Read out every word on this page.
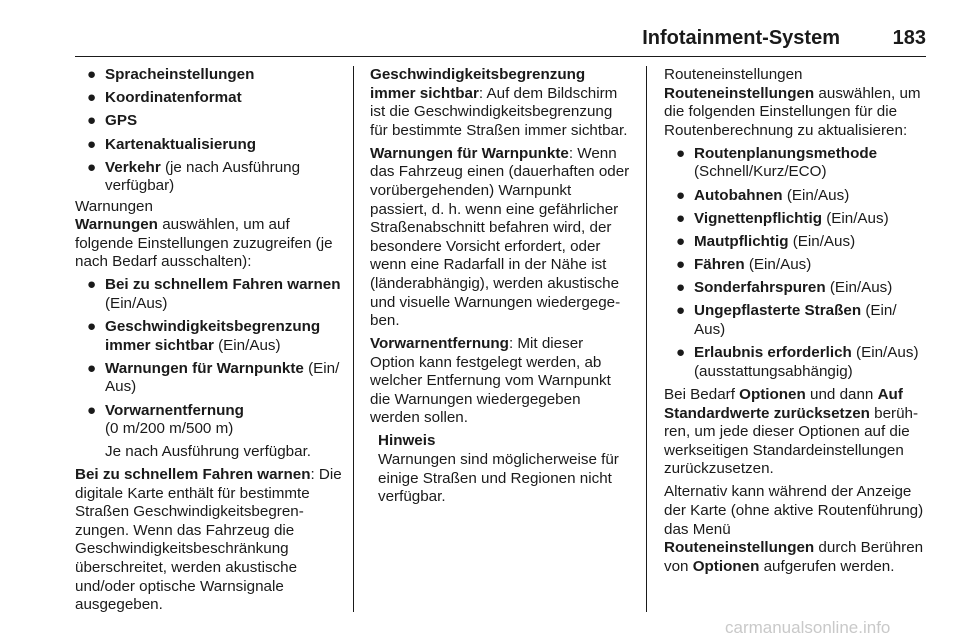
Infotainment-System	183
● Spracheinstellungen
● Koordinatenformat
● GPS
● Kartenaktualisierung
● Verkehr (je nach Ausführung verfügbar)
Warnungen

Warnungen auswählen, um auf folgende Einstellungen zuzugreifen (je nach Bedarf ausschalten):

● Bei zu schnellem Fahren warnen (Ein/Aus)
● Geschwindigkeitsbegrenzung immer sichtbar (Ein/Aus)
● Warnungen für Warnpunkte (Ein/ Aus)
● Vorwarnentfernung
(0 m/200 m/500 m)
Je nach Ausführung verfügbar.

Bei zu schnellem Fahren warnen: Die digitale Karte enthält für bestimmte Straßen Geschwindigkeitsbegrenzungen. Wenn das Fahrzeug die Geschwindigkeitsbeschränkung überschreitet, werden akustische und/oder optische Warnsignale ausgegeben.

Geschwindigkeitsbegrenzung immer sichtbar: Auf dem Bildschirm ist die Geschwindigkeitsbegrenzung für bestimmte Straßen immer sichtbar.

Warnungen für Warnpunkte: Wenn das Fahrzeug einen (dauerhaften oder vorübergehenden) Warnpunkt passiert, d. h. wenn eine gefährlicher Straßenabschnitt befahren wird, der besondere Vorsicht erfordert, oder wenn eine Radarfall in der Nähe ist (länderabhängig), werden akustische und visuelle Warnungen wiedergegeben.

Vorwarnentfernung: Mit dieser Option kann festgelegt werden, ab welcher Entfernung vom Warnpunkt die Warnungen wiedergegeben werden sollen.

Hinweis
Warnungen sind möglicherweise für einige Straßen und Regionen nicht verfügbar.
Routeneinstellungen

Routeneinstellungen auswählen, um die folgenden Einstellungen für die Routenberechnung zu aktualisieren:

● Routenplanungsmethode
(Schnell/Kurz/ECO)
● Autobahnen (Ein/Aus)
● Vignettenpflichtig (Ein/Aus)
● Mautpflichtig (Ein/Aus)
● Fähren (Ein/Aus)
● Sonderfahrspuren (Ein/Aus)
● Ungepflasterte Straßen (Ein/ Aus)
● Erlaubnis erforderlich (Ein/Aus)
(ausstattungsabhängig)

Bei Bedarf Optionen und dann Auf Standardwerte zurücksetzen berühren, um jede dieser Optionen auf die werkseitigen Standardeinstellungen zurückzusetzen.

Alternativ kann während der Anzeige der Karte (ohne aktive Routenführung) das Menü
Routeneinstellungen durch Berühren von Optionen aufgerufen werden.

carmanualsonline.info
